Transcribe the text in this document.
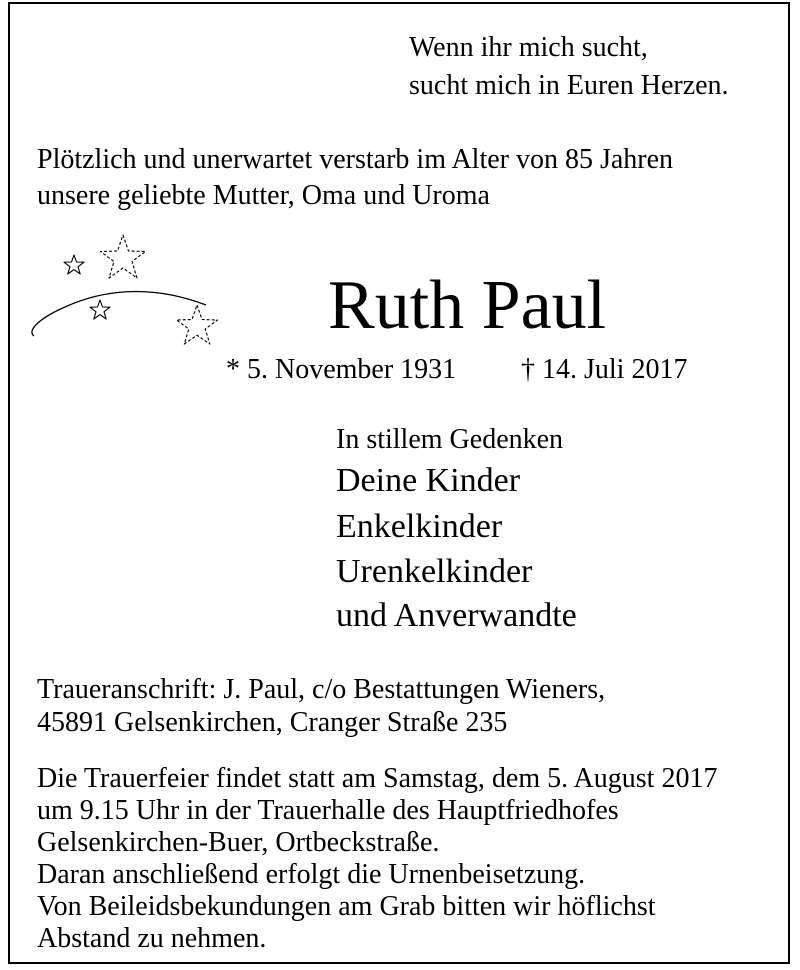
Wenn ihr mich sucht,
sucht mich in Euren Herzen.
Plötzlich und unerwartet verstarb im Alter von 85 Jahren
unsere geliebte Mutter, Oma und Uroma
Ruth Paul
* 5. November 1931 † 14. Juli 2017
In stillem Gedenken
Deine Kinder
Enkelkinder
Urenkelkinder
und Anverwandte
Traueranschrift: J. Paul, c/o Bestattungen Wieners,
45891 Gelsenkirchen, Cranger Straße 235
Die Trauerfeier findet statt am Samstag, dem 5. August 2017
um 9.15 Uhr in der Trauerhalle des Hauptfriedhofes
Gelsenkirchen-Buer, Ortbeckstraße.
Daran anschließend erfolgt die Urnenbeisetzung.
Von Beileidsbekundungen am Grab bitten wir höflichst
Abstand zu nehmen.
